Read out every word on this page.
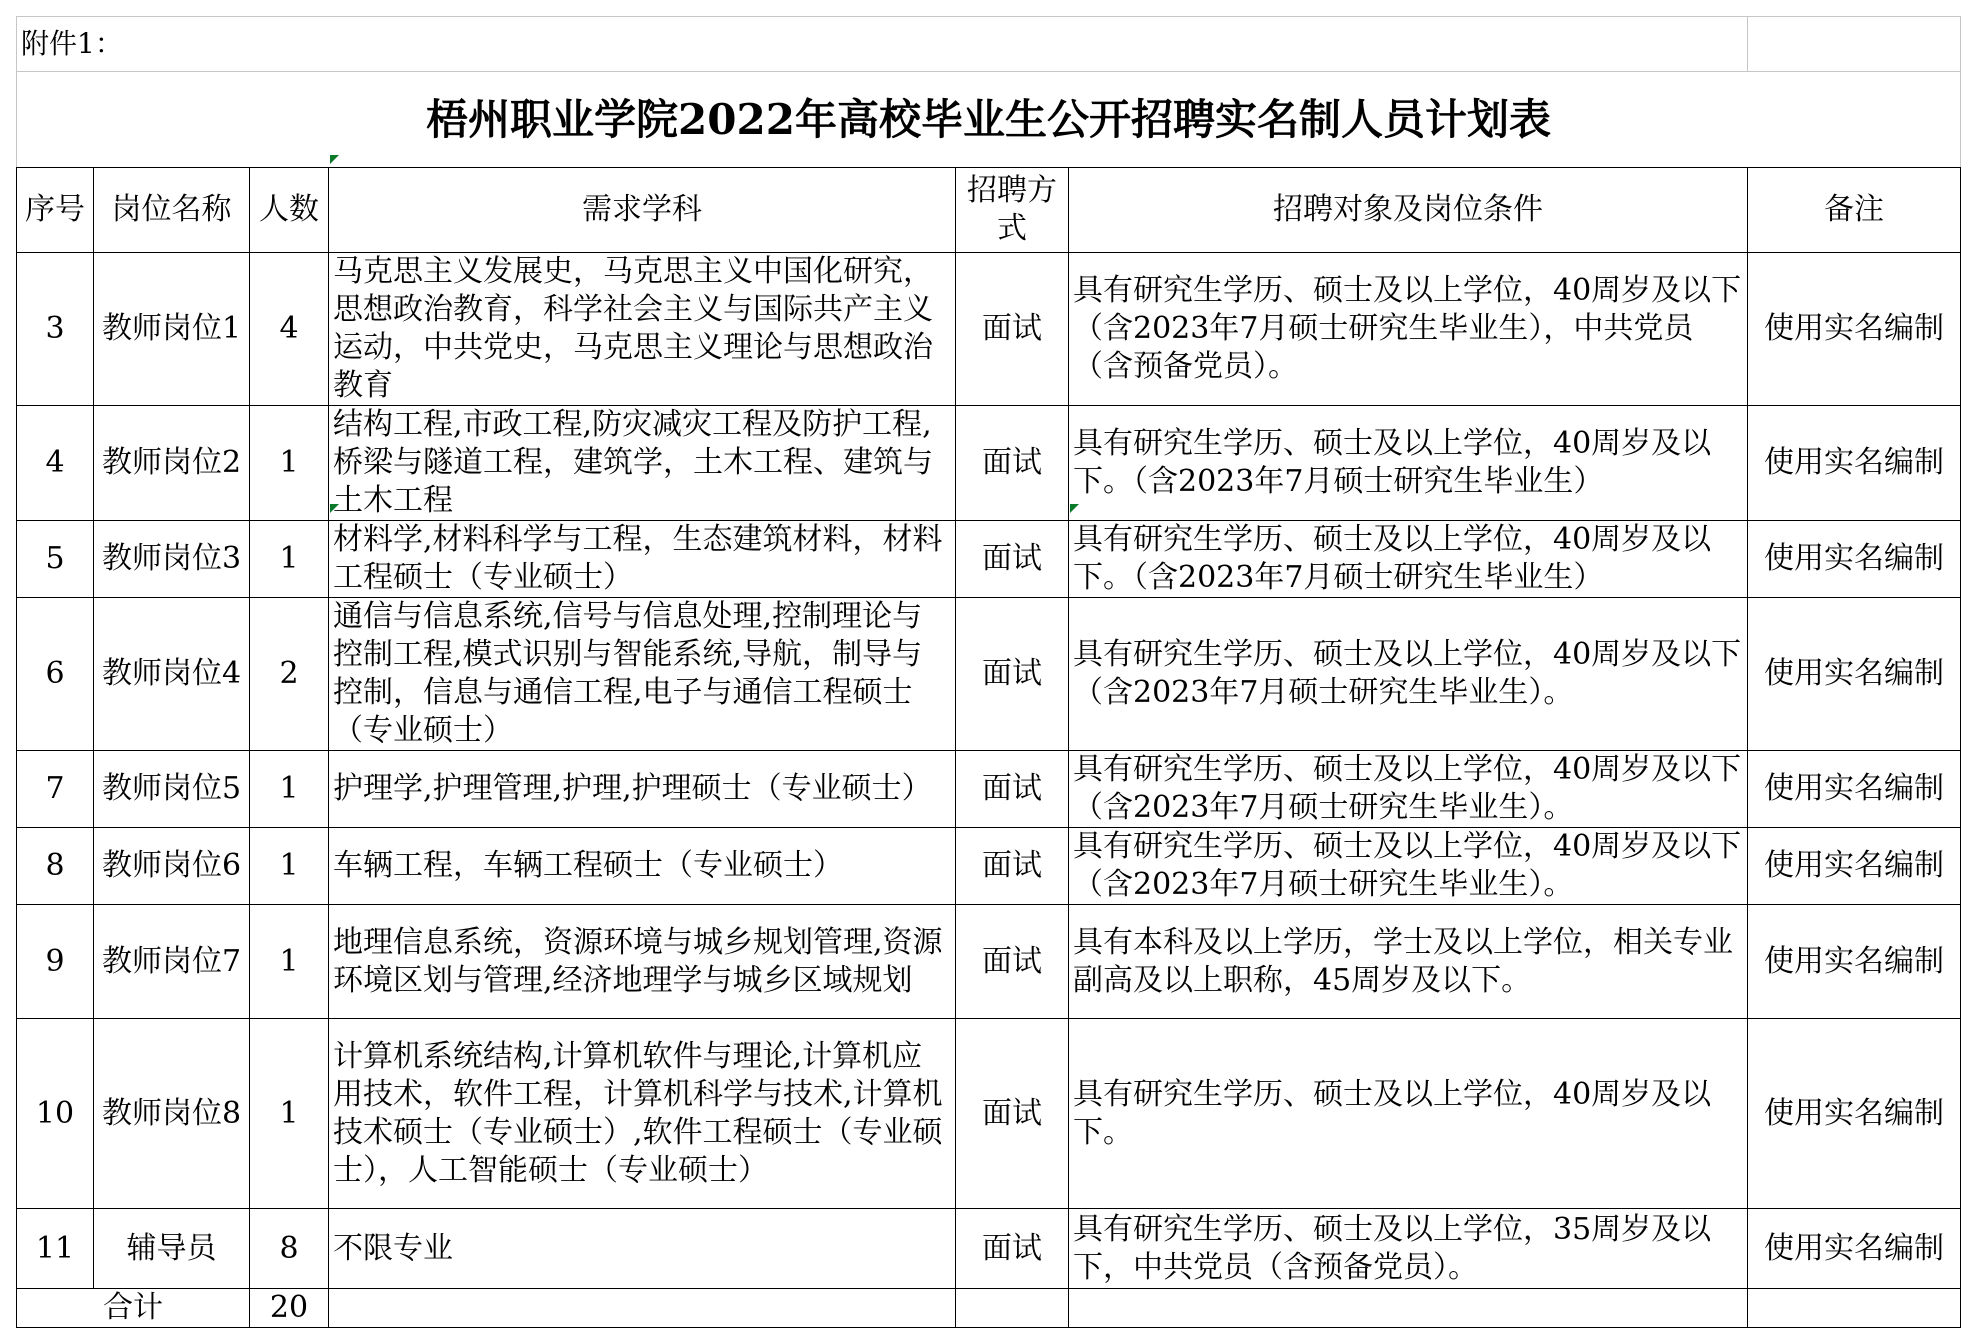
附件1：						
梧州职业学院2022年高校毕业生公开招聘实名制人员计划表						
序号	岗位名称	人数	需求学科	招聘方式	招聘对象及岗位条件	备注
3	教师岗位1	4	马克思主义发展史，马克思主义中国化研究，思想政治教育，科学社会主义与国际共产主义运动，中共党史，马克思主义理论与思想政治教育	面试	具有研究生学历、硕士及以上学位，40周岁及以下（含2023年7月硕士研究生毕业生），中共党员（含预备党员）。	使用实名编制
4	教师岗位2	1	结构工程,市政工程,防灾减灾工程及防护工程,桥梁与隧道工程，建筑学，土木工程、建筑与土木工程	面试	具有研究生学历、硕士及以上学位，40周岁及以下。（含2023年7月硕士研究生毕业生）	使用实名编制
5	教师岗位3	1	材料学,材料科学与工程，生态建筑材料，材料工程硕士（专业硕士）	面试	具有研究生学历、硕士及以上学位，40周岁及以下。（含2023年7月硕士研究生毕业生）	使用实名编制
6	教师岗位4	2	通信与信息系统,信号与信息处理,控制理论与控制工程,模式识别与智能系统,导航，制导与控制，信息与通信工程,电子与通信工程硕士（专业硕士）	面试	具有研究生学历、硕士及以上学位，40周岁及以下（含2023年7月硕士研究生毕业生）。	使用实名编制
7	教师岗位5	1	护理学,护理管理,护理,护理硕士（专业硕士）	面试	具有研究生学历、硕士及以上学位，40周岁及以下（含2023年7月硕士研究生毕业生）。	使用实名编制
8	教师岗位6	1	车辆工程，车辆工程硕士（专业硕士）	面试	具有研究生学历、硕士及以上学位，40周岁及以下（含2023年7月硕士研究生毕业生）。	使用实名编制
9	教师岗位7	1	地理信息系统，资源环境与城乡规划管理,资源环境区划与管理,经济地理学与城乡区域规划	面试	具有本科及以上学历，学士及以上学位，相关专业副高及以上职称，45周岁及以下。	使用实名编制
10	教师岗位8	1	计算机系统结构,计算机软件与理论,计算机应用技术，软件工程，计算机科学与技术,计算机技术硕士（专业硕士）,软件工程硕士（专业硕士），人工智能硕士（专业硕士）	面试	具有研究生学历、硕士及以上学位，40周岁及以下。	使用实名编制
11	辅导员	8	不限专业	面试	具有研究生学历、硕士及以上学位，35周岁及以下，中共党员（含预备党员）。	使用实名编制
合计		20				
